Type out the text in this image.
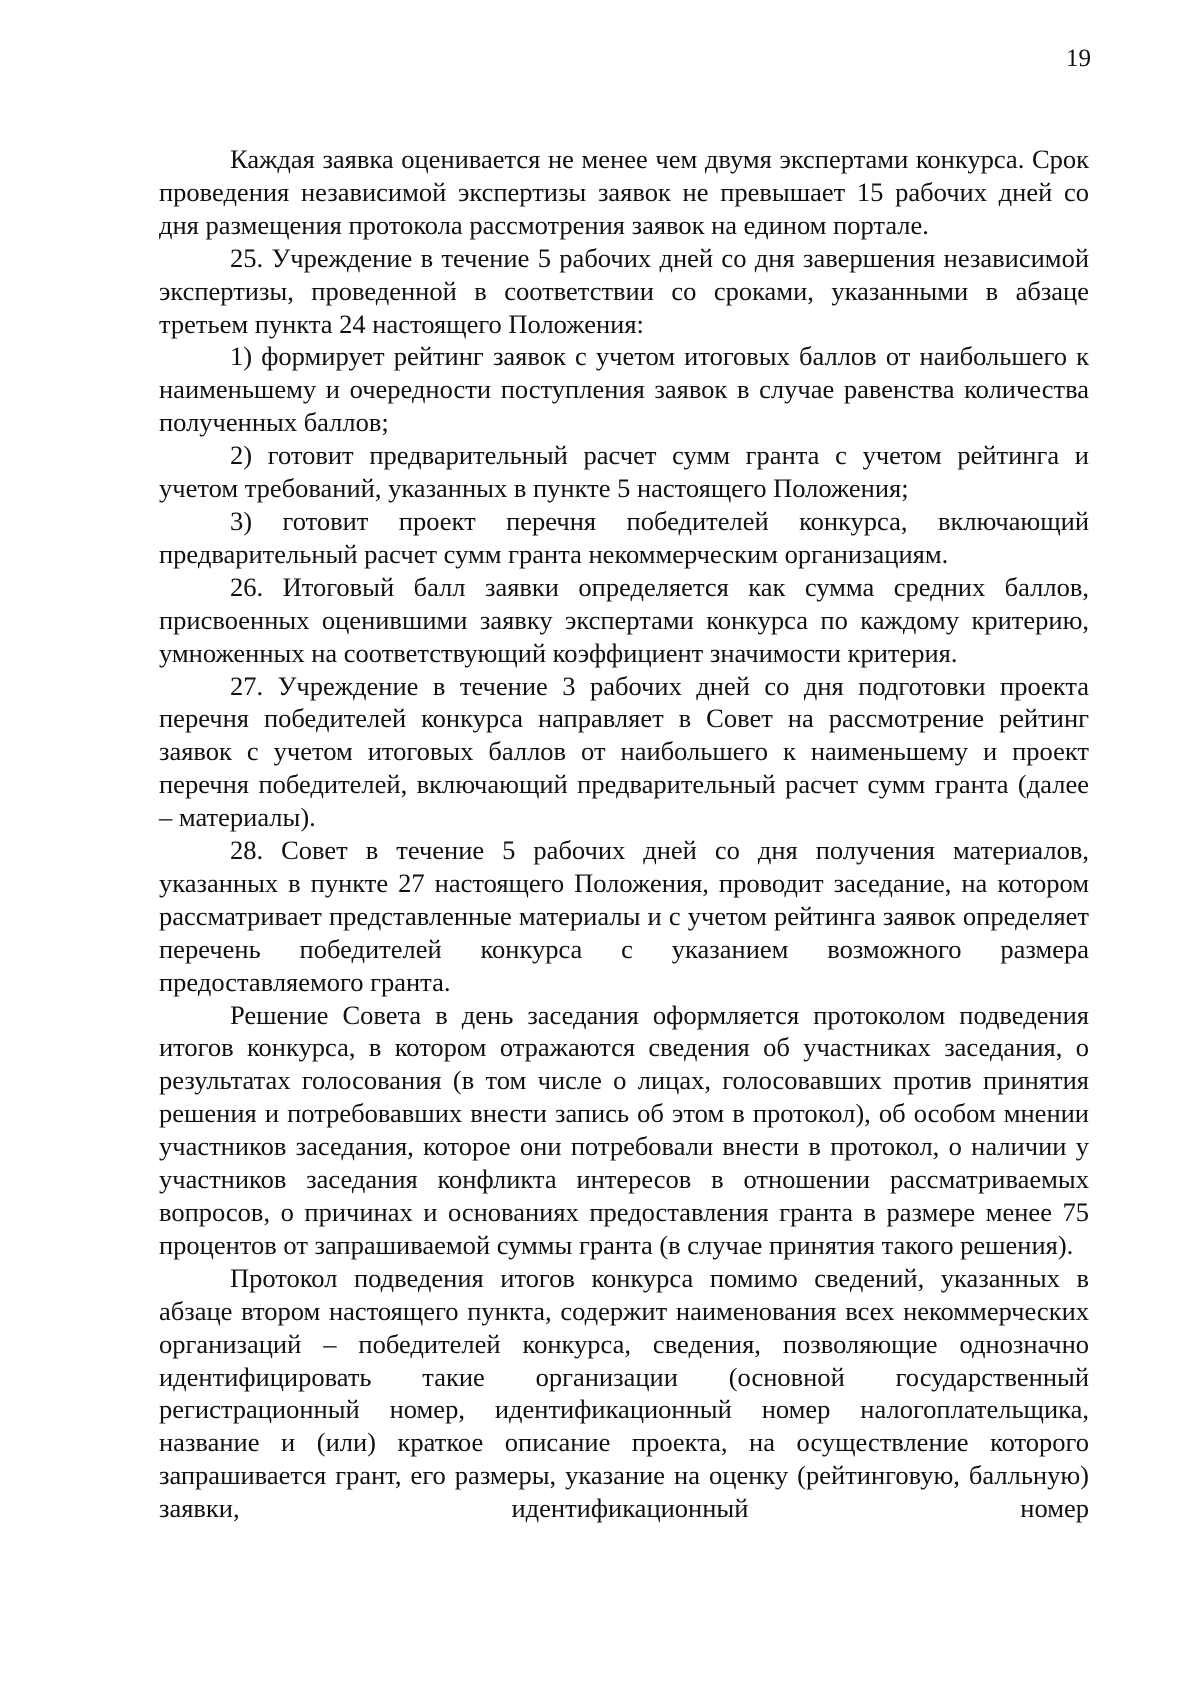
19

Каждая заявка оценивается не менее чем двумя экспертами конкурса. Срок проведения независимой экспертизы заявок не превышает 15 рабочих дней со дня размещения протокола рассмотрения заявок на едином портале.

25. Учреждение в течение 5 рабочих дней со дня завершения независимой экспертизы, проведенной в соответствии со сроками, указанными в абзаце третьем пункта 24 настоящего Положения:

1) формирует рейтинг заявок с учетом итоговых баллов от наибольшего к наименьшему и очередности поступления заявок в случае равенства количества полученных баллов;

2) готовит предварительный расчет сумм гранта с учетом рейтинга и учетом требований, указанных в пункте 5 настоящего Положения;

3) готовит проект перечня победителей конкурса, включающий предварительный расчет сумм гранта некоммерческим организациям.

26. Итоговый балл заявки определяется как сумма средних баллов, присвоенных оценившими заявку экспертами конкурса по каждому критерию, умноженных на соответствующий коэффициент значимости критерия.

27. Учреждение в течение 3 рабочих дней со дня подготовки проекта перечня победителей конкурса направляет в Совет на рассмотрение рейтинг заявок с учетом итоговых баллов от наибольшего к наименьшему и проект перечня победителей, включающий предварительный расчет сумм гранта (далее – материалы).

28. Совет в течение 5 рабочих дней со дня получения материалов, указанных в пункте 27 настоящего Положения, проводит заседание, на котором рассматривает представленные материалы и с учетом рейтинга заявок определяет перечень победителей конкурса с указанием возможного размера предоставляемого гранта.

Решение Совета в день заседания оформляется протоколом подведения итогов конкурса, в котором отражаются сведения об участниках заседания, о результатах голосования (в том числе о лицах, голосовавших против принятия решения и потребовавших внести запись об этом в протокол), об особом мнении участников заседания, которое они потребовали внести в протокол, о наличии у участников заседания конфликта интересов в отношении рассматриваемых вопросов, о причинах и основаниях предоставления гранта в размере менее 75 процентов от запрашиваемой суммы гранта (в случае принятия такого решения).

Протокол подведения итогов конкурса помимо сведений, указанных в абзаце втором настоящего пункта, содержит наименования всех некоммерческих организаций – победителей конкурса, сведения, позволяющие однозначно идентифицировать такие организации (основной государственный регистрационный номер, идентификационный номер налогоплательщика, название и (или) краткое описание проекта, на осуществление которого запрашивается грант, его размеры, указание на оценку (рейтинговую, балльную) заявки, идентификационный номер
